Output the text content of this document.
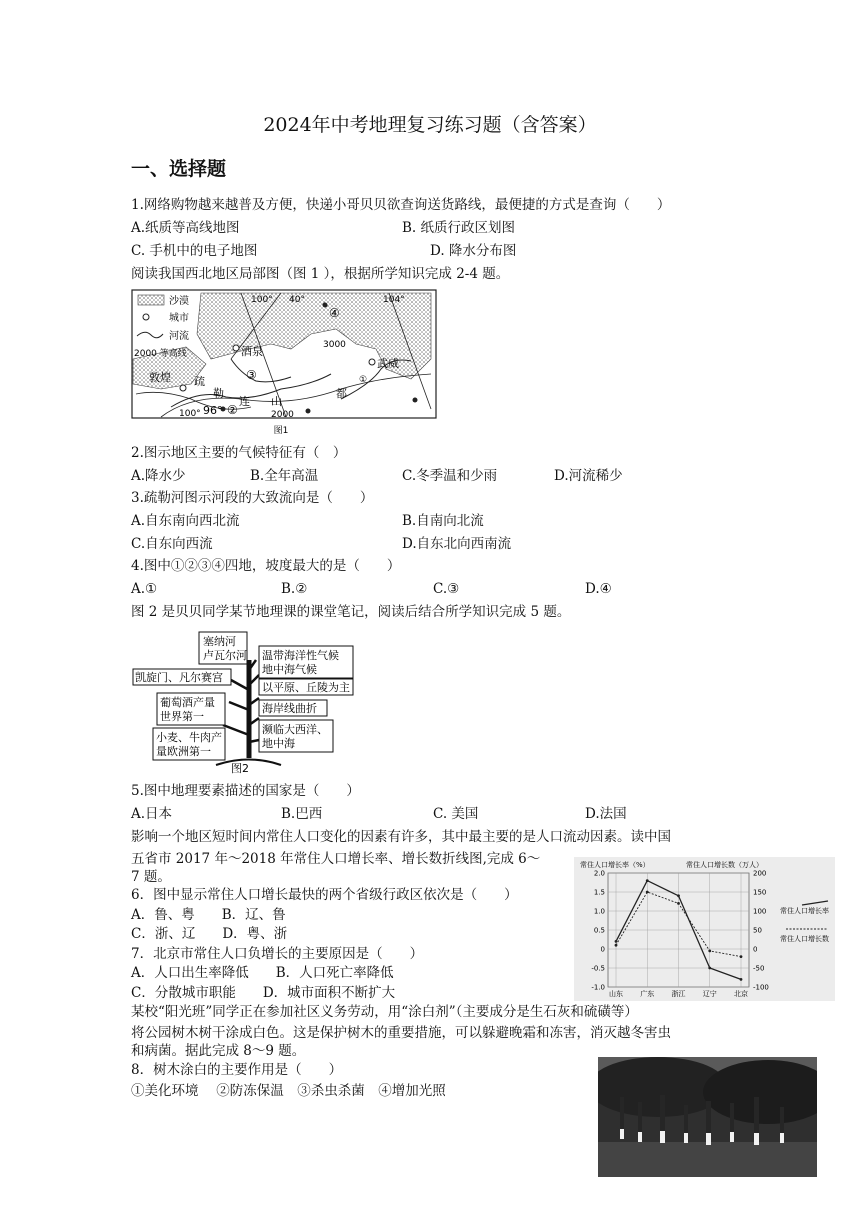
2024年中考地理复习练习题（含答案）
一、选择题
1.网络购物越来越普及方便，快递小哥贝贝欲查询送货路线，最便捷的方式是查询（　　）
A.纸质等高线地图	B. 纸质行政区划图
C. 手机中的电子地图	D. 降水分布图
阅读我国西北地区局部图（图 1 ），根据所学知识完成 2-4 题。
沙漠
城市
河流
2000 等高线	酒泉
武威
敦煌 疏
勒
连 山
都
96°
100°	2000
100° 40°	104°
3000
①
②
③
④
图1
2.图示地区主要的气候特征有（　）
A.降水少	B.全年高温	C.冬季温和少雨	D.河流稀少
3.疏勒河图示河段的大致流向是（　　）
A.自东南向西北流	B.自南向北流
C.自东向西流	D.自东北向西南流
4.图中①②③④四地，坡度最大的是（　　）
A.①	B.②	C.③	D.④
图 2 是贝贝同学某节地理课的课堂笔记，阅读后结合所学知识完成 5 题。
塞纳河
卢瓦尔河 温带海洋性气候
地中海气候
凯旋门、凡尔赛宫
以平原、丘陵为主
葡萄酒产量
世界第一
海岸线曲折
小麦、牛肉产
量欧洲第一
濒临大西洋、
地中海
图2
5.图中地理要素描述的国家是（　　）
A.日本	B.巴西	C. 美国	D.法国
影响一个地区短时间内常住人口变化的因素有许多，其中最主要的是人口流动因素。读中国
五省市 2017 年～2018 年常住人口增长率、增长数折线图,完成 6～
7 题。
6．图中显示常住人口增长最快的两个省级行政区依次是（　　）
A．鲁、粤　　B．辽、鲁
C．浙、辽　　D．粤、浙
7．北京市常住人口负增长的主要原因是（　　）
A．人口出生率降低　　B．人口死亡率降低
C．分散城市职能　　D．城市面积不断扩大
常住人口增长率（%）	常住人口增长数（万人）
2.0
1.5
1.0
0.5
0
-0.5
-1.0
200
150
100
50
0
-50
-100
山东 广东 浙江 辽宁 北京
常住人口增长率
常住人口增长数
某校“阳光班”同学正在参加社区义务劳动，用“涂白剂”（主要成分是生石灰和硫磺等）
将公园树木树干涂成白色。这是保护树木的重要措施，可以躲避晚霜和冻害，消灭越冬害虫
和病菌。据此完成 8～9 题。
8．树木涂白的主要作用是（　　）
①美化环境　 ②防冻保温　③杀虫杀菌　④增加光照
